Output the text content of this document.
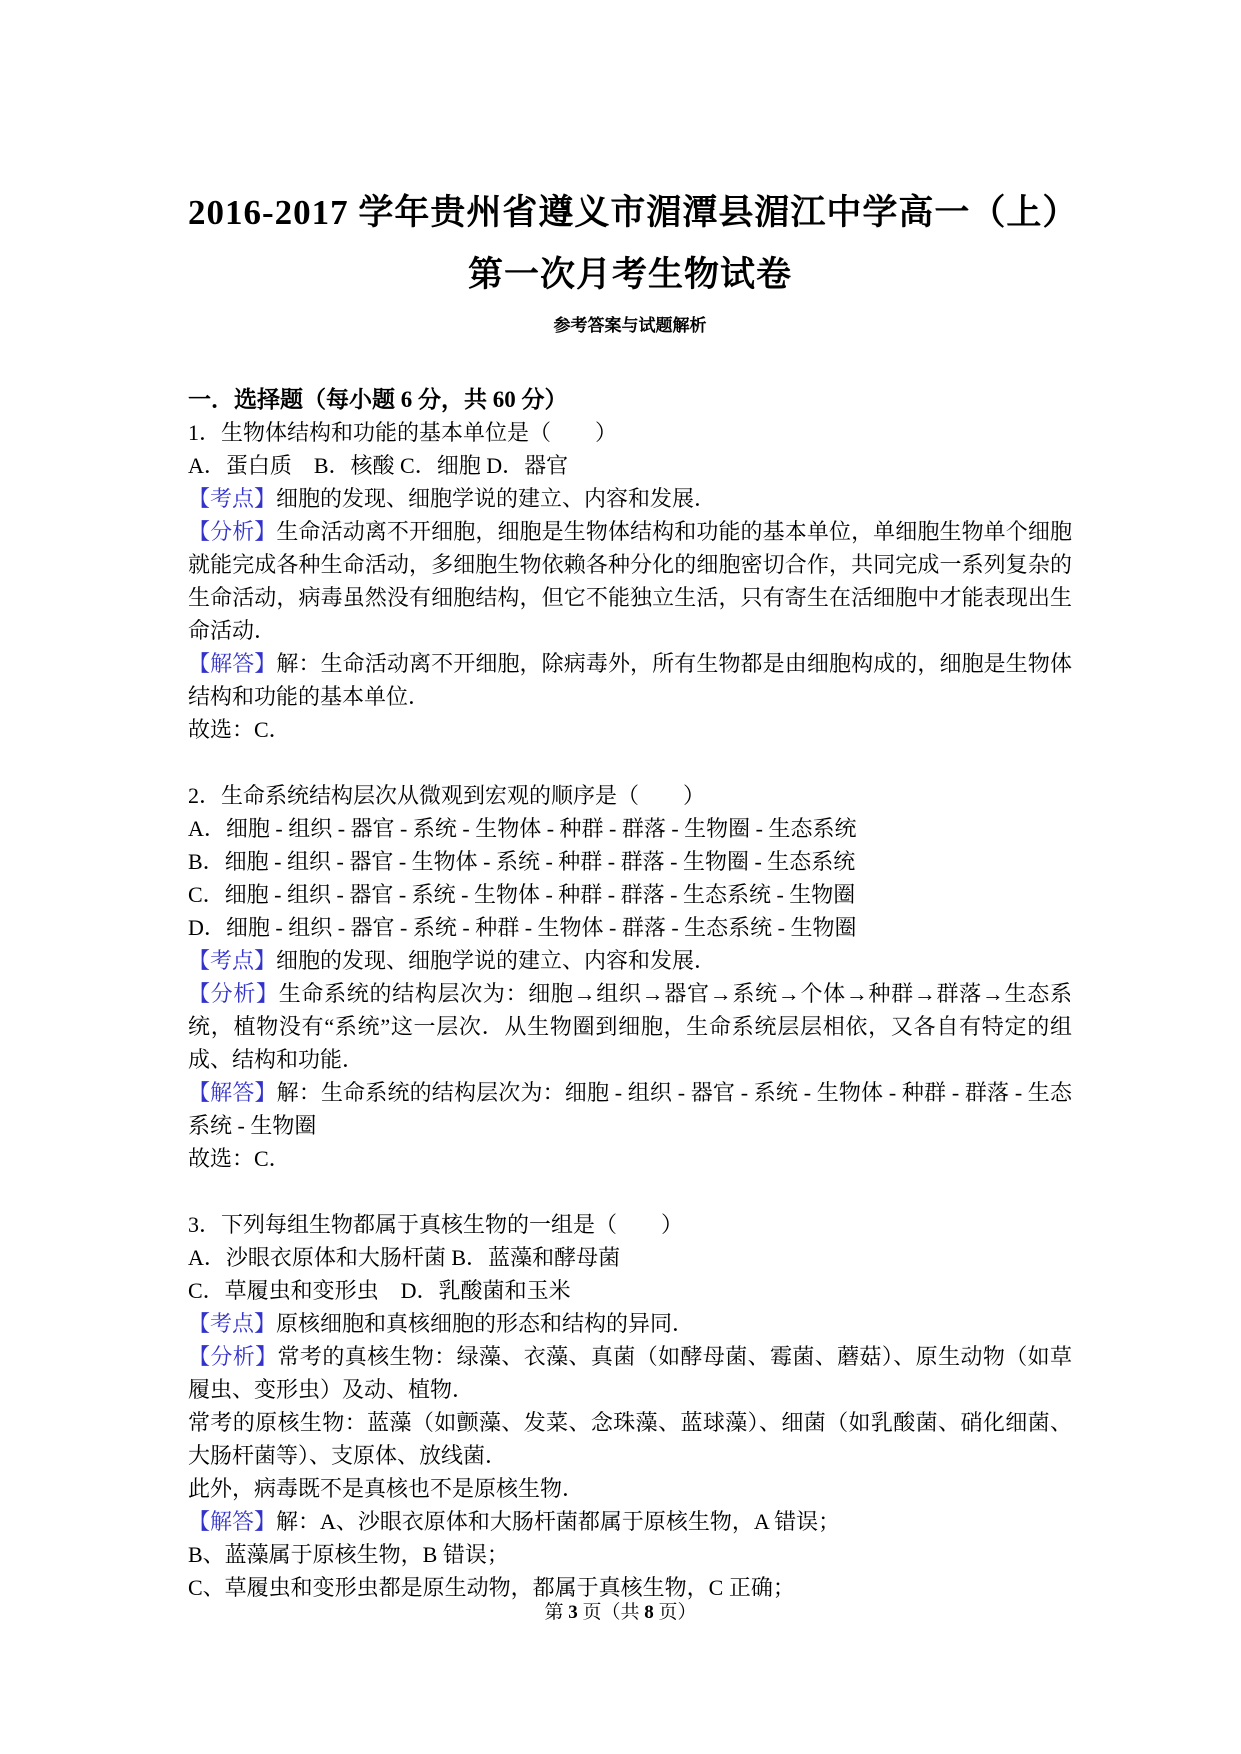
2016-2017 学年贵州省遵义市湄潭县湄江中学高一（上）
第一次月考生物试卷
参考答案与试题解析
一．选择题（每小题 6 分，共 60 分）

1．生物体结构和功能的基本单位是（　　）

A．蛋白质　B．核酸 C．细胞 D．器官

【考点】细胞的发现、细胞学说的建立、内容和发展．

【分析】生命活动离不开细胞，细胞是生物体结构和功能的基本单位，单细胞生物单个细胞就能完成各种生命活动，多细胞生物依赖各种分化的细胞密切合作，共同完成一系列复杂的生命活动，病毒虽然没有细胞结构，但它不能独立生活，只有寄生在活细胞中才能表现出生命活动．

【解答】解：生命活动离不开细胞，除病毒外，所有生物都是由细胞构成的，细胞是生物体结构和功能的基本单位．

故选：C．

2．生命系统结构层次从微观到宏观的顺序是（　　）

A．细胞 - 组织 - 器官 - 系统 - 生物体 - 种群 - 群落 - 生物圈 - 生态系统

B．细胞 - 组织 - 器官 - 生物体 - 系统 - 种群 - 群落 - 生物圈 - 生态系统

C．细胞 - 组织 - 器官 - 系统 - 生物体 - 种群 - 群落 - 生态系统 - 生物圈

D．细胞 - 组织 - 器官 - 系统 - 种群 - 生物体 - 群落 - 生态系统 - 生物圈

【考点】细胞的发现、细胞学说的建立、内容和发展．

【分析】生命系统的结构层次为：细胞→组织→器官→系统→个体→种群→群落→生态系统，植物没有“系统”这一层次．从生物圈到细胞，生命系统层层相依，又各自有特定的组成、结构和功能．

【解答】解：生命系统的结构层次为：细胞 - 组织 - 器官 - 系统 - 生物体 - 种群 - 群落 - 生态系统 - 生物圈

故选：C．

3．下列每组生物都属于真核生物的一组是（　　）

A．沙眼衣原体和大肠杆菌 B．蓝藻和酵母菌

C．草履虫和变形虫　D．乳酸菌和玉米

【考点】原核细胞和真核细胞的形态和结构的异同．

【分析】常考的真核生物：绿藻、衣藻、真菌（如酵母菌、霉菌、蘑菇）、原生动物（如草履虫、变形虫）及动、植物．

常考的原核生物：蓝藻（如颤藻、发菜、念珠藻、蓝球藻）、细菌（如乳酸菌、硝化细菌、大肠杆菌等）、支原体、放线菌．

此外，病毒既不是真核也不是原核生物．

【解答】解：A、沙眼衣原体和大肠杆菌都属于原核生物，A 错误；

B、蓝藻属于原核生物，B 错误；

C、草履虫和变形虫都是原生动物，都属于真核生物，C 正确；

第 3 页（共 8 页）
